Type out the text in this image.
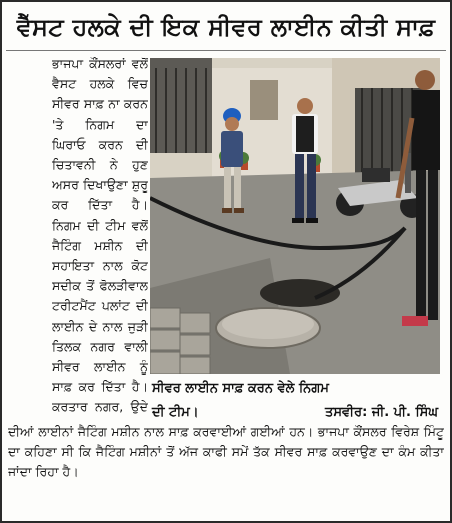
ਵੈੱਸਟ ਹਲਕੇ ਦੀ ਇਕ ਸੀਵਰ ਲਾਈਨ ਕੀਤੀ ਸਾਫ਼
ਭਾਜਪਾ ਕੌਂਸਲਰਾਂ ਵਲੋਂ ਵੈਸਟ ਹਲਕੇ ਵਿਚ ਸੀਵਰ ਸਾਫ਼ ਨਾ ਕਰਨ 'ਤੇ ਨਿਗਮ ਦਾ ਘਿਰਾਓ ਕਰਨ ਦੀ ਚਿਤਾਵਨੀ ਨੇ ਹੁਣ ਅਸਰ ਦਿਖਾਉਣਾ ਸ਼ੁਰੂ ਕਰ ਦਿੱਤਾ ਹੈ। ਨਿਗਮ ਦੀ ਟੀਮ ਵਲੋਂ ਜੈਟਿੰਗ ਮਸ਼ੀਨ ਦੀ ਸਹਾਇਤਾ ਨਾਲ ਕੋਟ ਸਦੀਕ ਤੋਂ ਫੋਲੜੀਵਾਲ ਟਰੀਟਮੈਂਟ ਪਲਾਂਟ ਦੀ ਲਾਈਨ ਦੇ ਨਾਲ ਜੁੜੀ ਤਿਲਕ ਨਗਰ ਵਾਲੀ ਸੀਵਰ ਲਾਈਨ ਨੂੰ ਸਾਫ਼ ਕਰ ਦਿੱਤਾ ਹੈ। ਕਰਤਾਰ ਨਗਰ, ਉਦੇ
ਸੀਵਰ ਲਾਈਨ ਸਾਫ਼ ਕਰਨ ਵੇਲੇ ਨਿਗਮ
ਦੀ ਟੀਮ।	ਤਸਵੀਰ: ਜੀ. ਪੀ. ਸਿੰਘ
ਦੀਆਂ ਲਾਈਨਾਂ ਜੈਟਿੰਗ ਮਸ਼ੀਨ ਨਾਲ ਸਾਫ਼ ਕਰਵਾਈਆਂ ਗਈਆਂ ਹਨ। ਭਾਜਪਾ ਕੌਂਸਲਰ ਵਿਰੇਸ਼ ਮਿੰਟੂ ਦਾ ਕਹਿਣਾ ਸੀ ਕਿ ਜੈਟਿੰਗ ਮਸ਼ੀਨਾਂ ਤੋਂ ਅੱਜ ਕਾਫੀ ਸਮੇਂ ਤੱਕ ਸੀਵਰ ਸਾਫ਼ ਕਰਵਾਉਣ ਦਾ ਕੰਮ ਕੀਤਾ ਜਾਂਦਾ ਰਿਹਾ ਹੈ।
